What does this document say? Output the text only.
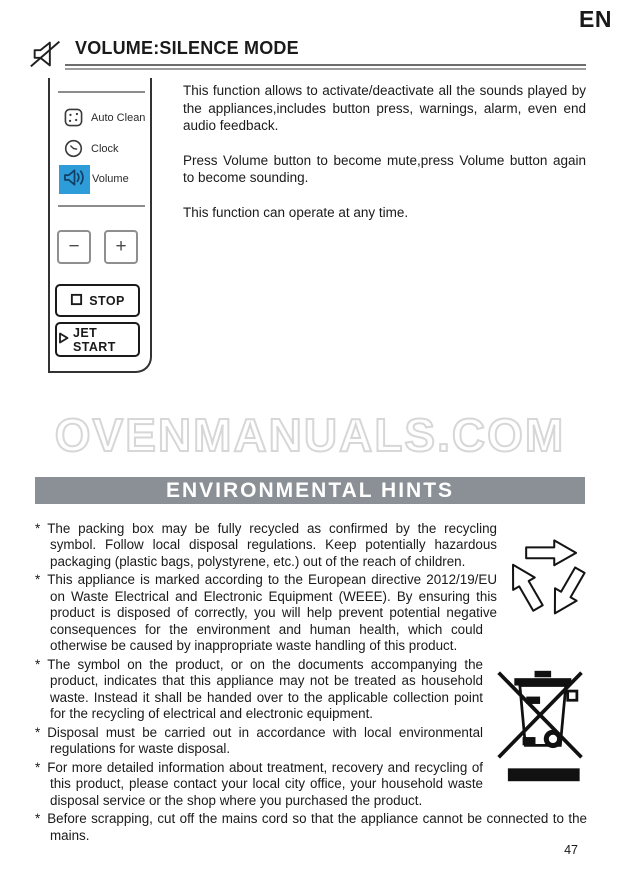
EN
VOLUME:SILENCE MODE
Auto Clean
Clock
Volume
− +
STOP
JET START

This function allows to activate/deactivate all the sounds played by the appliances,includes button press, warnings, alarm, even end audio feedback.

Press Volume button to become mute,press Volume button again to become sounding.

This function can operate at any time.

OVENMANUALS.COM
ENVIRONMENTAL HINTS
* The packing box may be fully recycled as confirmed by the recycling symbol. Follow local disposal regulations. Keep potentially hazardous packaging (plastic bags, polystyrene, etc.) out of the reach of children.
* This appliance is marked according to the European directive 2012/19/EU on Waste Electrical and Electronic Equipment (WEEE). By ensuring this product is disposed of correctly, you will help prevent potential negative consequences for the environment and human health, which could otherwise be caused by inappropriate waste handling of this product.
* The symbol on the product, or on the documents accompanying the product, indicates that this appliance may not be treated as household waste. Instead it shall be handed over to the applicable collection point for the recycling of electrical and electronic equipment.
* Disposal must be carried out in accordance with local environmental regulations for waste disposal.
* For more detailed information about treatment, recovery and recycling of this product, please contact your local city office, your household waste disposal service or the shop where you purchased the product.
* Before scrapping, cut off the mains cord so that the appliance cannot be connected to the mains.
47
